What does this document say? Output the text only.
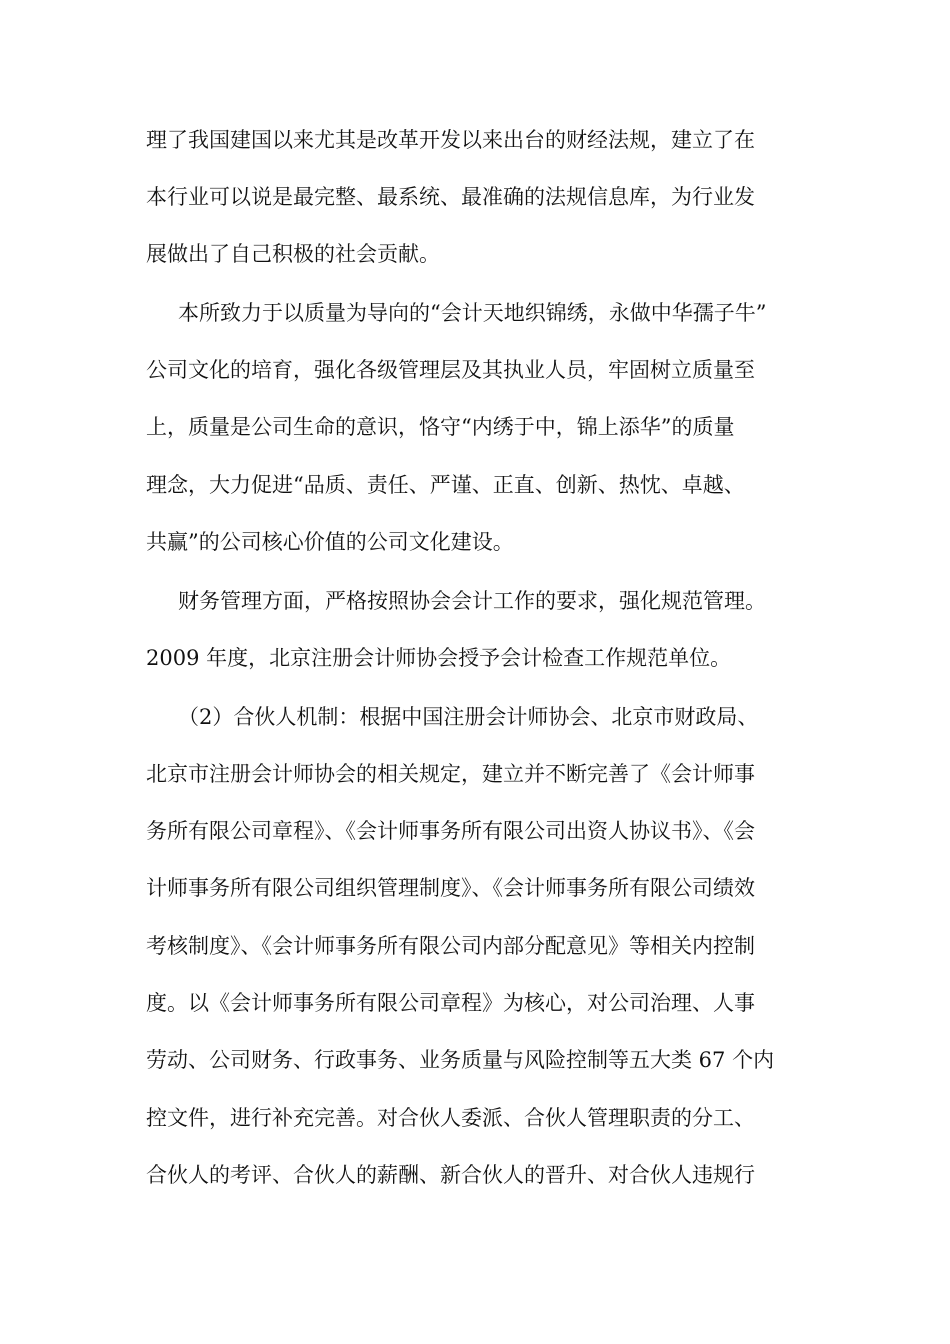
理了我国建国以来尤其是改革开发以来出台的财经法规，建立了在

本行业可以说是最完整、最系统、最准确的法规信息库，为行业发

展做出了自己积极的社会贡献。

本所致力于以质量为导向的“会计天地织锦绣，永做中华孺子牛”

公司文化的培育，强化各级管理层及其执业人员，牢固树立质量至

上，质量是公司生命的意识，恪守“内绣于中，锦上添华”的质量

理念，大力促进“品质、责任、严谨、正直、创新、热忱、卓越、

共赢”的公司核心价值的公司文化建设。

财务管理方面，严格按照协会会计工作的要求，强化规范管理。

2009 年度，北京注册会计师协会授予会计检查工作规范单位。

（2）合伙人机制：根据中国注册会计师协会、北京市财政局、

北京市注册会计师协会的相关规定，建立并不断完善了《会计师事

务所有限公司章程》、《会计师事务所有限公司出资人协议书》、《会

计师事务所有限公司组织管理制度》、《会计师事务所有限公司绩效

考核制度》、《会计师事务所有限公司内部分配意见》等相关内控制

度。以《会计师事务所有限公司章程》为核心，对公司治理、人事

劳动、公司财务、行政事务、业务质量与风险控制等五大类 67 个内

控文件，进行补充完善。对合伙人委派、合伙人管理职责的分工、

合伙人的考评、合伙人的薪酬、新合伙人的晋升、对合伙人违规行
